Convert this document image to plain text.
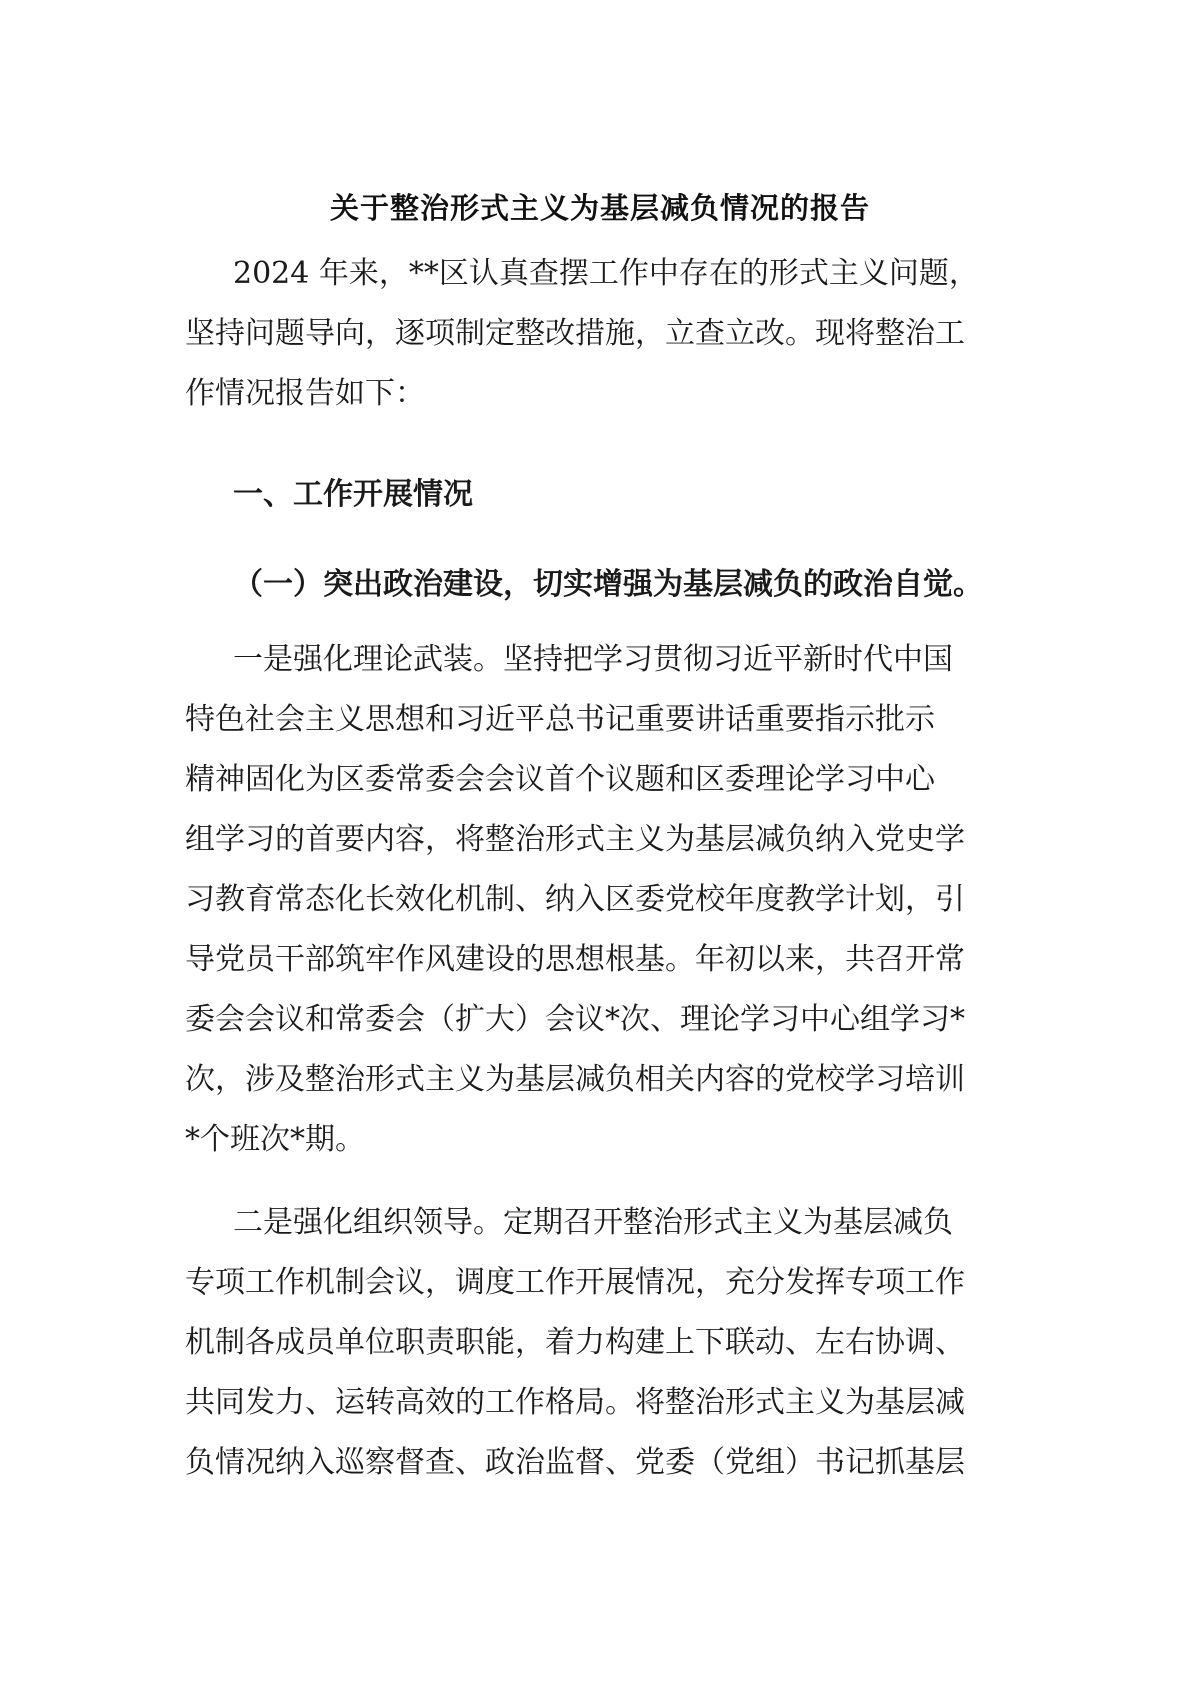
关于整治形式主义为基层减负情况的报告
2024 年来，**区认真查摆工作中存在的形式主义问题，
坚持问题导向，逐项制定整改措施，立查立改。现将整治工
作情况报告如下：
一、工作开展情况
（一）突出政治建设，切实增强为基层减负的政治自觉。
一是强化理论武装。坚持把学习贯彻习近平新时代中国
特色社会主义思想和习近平总书记重要讲话重要指示批示
精神固化为区委常委会会议首个议题和区委理论学习中心
组学习的首要内容，将整治形式主义为基层减负纳入党史学
习教育常态化长效化机制、纳入区委党校年度教学计划，引
导党员干部筑牢作风建设的思想根基。年初以来，共召开常
委会会议和常委会（扩大）会议*次、理论学习中心组学习*
次，涉及整治形式主义为基层减负相关内容的党校学习培训
*个班次*期。
二是强化组织领导。定期召开整治形式主义为基层减负
专项工作机制会议，调度工作开展情况，充分发挥专项工作
机制各成员单位职责职能，着力构建上下联动、左右协调、
共同发力、运转高效的工作格局。将整治形式主义为基层减
负情况纳入巡察督查、政治监督、党委（党组）书记抓基层
